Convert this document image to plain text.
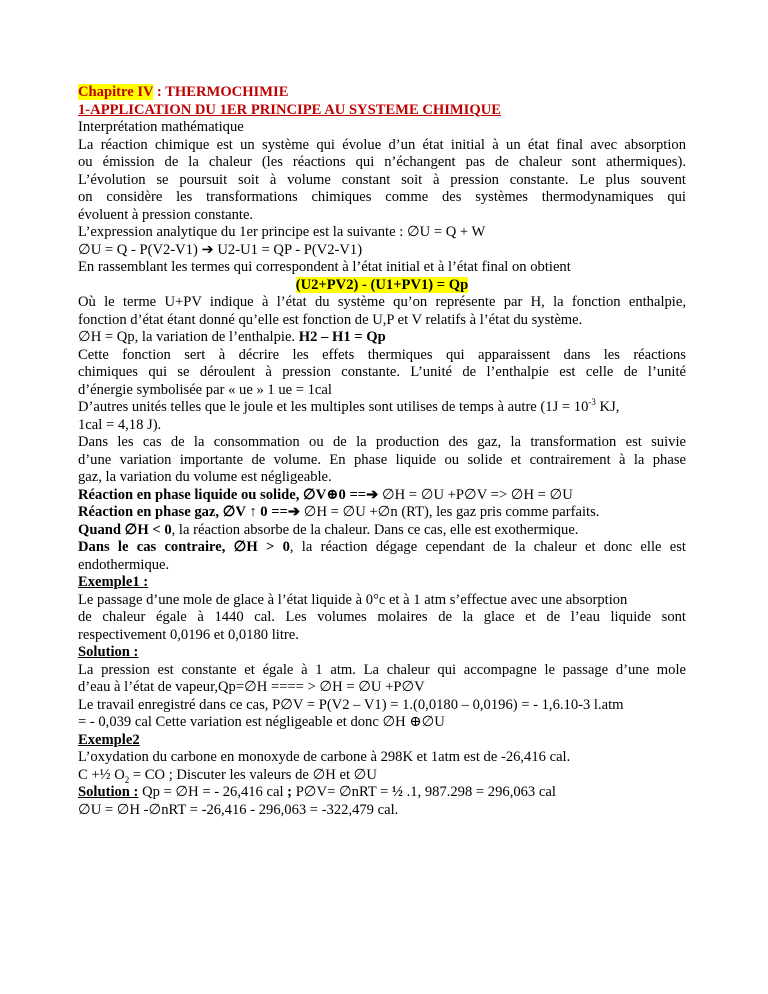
Chapitre IV : THERMOCHIMIE
1-APPLICATION DU 1ER PRINCIPE AU SYSTEME CHIMIQUE
Interprétation mathématique
La réaction chimique est un système qui évolue d’un état initial à un état final avec absorption
ou émission de la chaleur (les réactions qui n’échangent pas de chaleur sont athermiques).
L’évolution se poursuit soit à volume constant soit à pression constante. Le plus souvent
on considère les transformations chimiques comme des systèmes thermodynamiques qui
évoluent à pression constante.
L’expression analytique du 1er principe est la suivante : ∅U = Q + W
∅U = Q - P(V2-V1) ➔ U2-U1 = QP - P(V2-V1)
En rassemblant les termes qui correspondent à l’état initial et à l’état final on obtient
(U2+PV2) - (U1+PV1) = Qp
Où le terme U+PV indique à l’état du système qu’on représente par H, la fonction enthalpie,
fonction d’état étant donné qu’elle est fonction de U,P et V relatifs à l’état du système.
∅H = Qp, la variation de l’enthalpie. H2 – H1 = Qp
Cette fonction sert à décrire les effets thermiques qui apparaissent dans les réactions
chimiques qui se déroulent à pression constante. L’unité de l’enthalpie est celle de l’unité
d’énergie symbolisée par « ue » 1 ue = 1cal
D’autres unités telles que le joule et les multiples sont utilises de temps à autre ($1J = 10^{-3}$ KJ,
1cal = 4,18 J).
Dans les cas de la consommation ou de la production des gaz, la transformation est suivie
d’une variation importante de volume. En phase liquide ou solide et contrairement à la phase
gaz, la variation du volume est négligeable.
Réaction en phase liquide ou solide, ∅V⊕0 ==➔ ∅H = ∅U +P∅V => ∅H = ∅U
Réaction en phase gaz, ∅V ↑ 0 ==➔ ∅H = ∅U +∅n (RT), les gaz pris comme parfaits.
Quand ∅H < 0, la réaction absorbe de la chaleur. Dans ce cas, elle est exothermique.
Dans le cas contraire, ∅H > 0, la réaction dégage cependant de la chaleur et donc elle est
endothermique.
Exemple1 :
Le passage d’une mole de glace à l’état liquide à 0°c et à 1 atm s’effectue avec une absorption
de chaleur égale à 1440 cal. Les volumes molaires de la glace et de l’eau liquide sont
respectivement 0,0196 et 0,0180 litre.
Solution :
La pression est constante et égale à 1 atm. La chaleur qui accompagne le passage d’une mole
d’eau à l’état de vapeur,Qp=∅H ==== > ∅H = ∅U +P∅V
Le travail enregistré dans ce cas, P∅V = P(V2 – V1) = 1.(0,0180 – 0,0196) = - 1,6.10-3 l.atm
= - 0,039 cal Cette variation est négligeable et donc ∅H ⊕∅U
Exemple2
L’oxydation du carbone en monoxyde de carbone à 298K et 1atm est de -26,416 cal.
C +½ $O_2$ = CO ; Discuter les valeurs de ∅H et ∅U
Solution : Qp = ∅H = - 26,416 cal ; P∅V= ∅nRT = ½ .1, 987.298 = 296,063 cal
∅U = ∅H -∅nRT = -26,416 - 296,063 = -322,479 cal.
